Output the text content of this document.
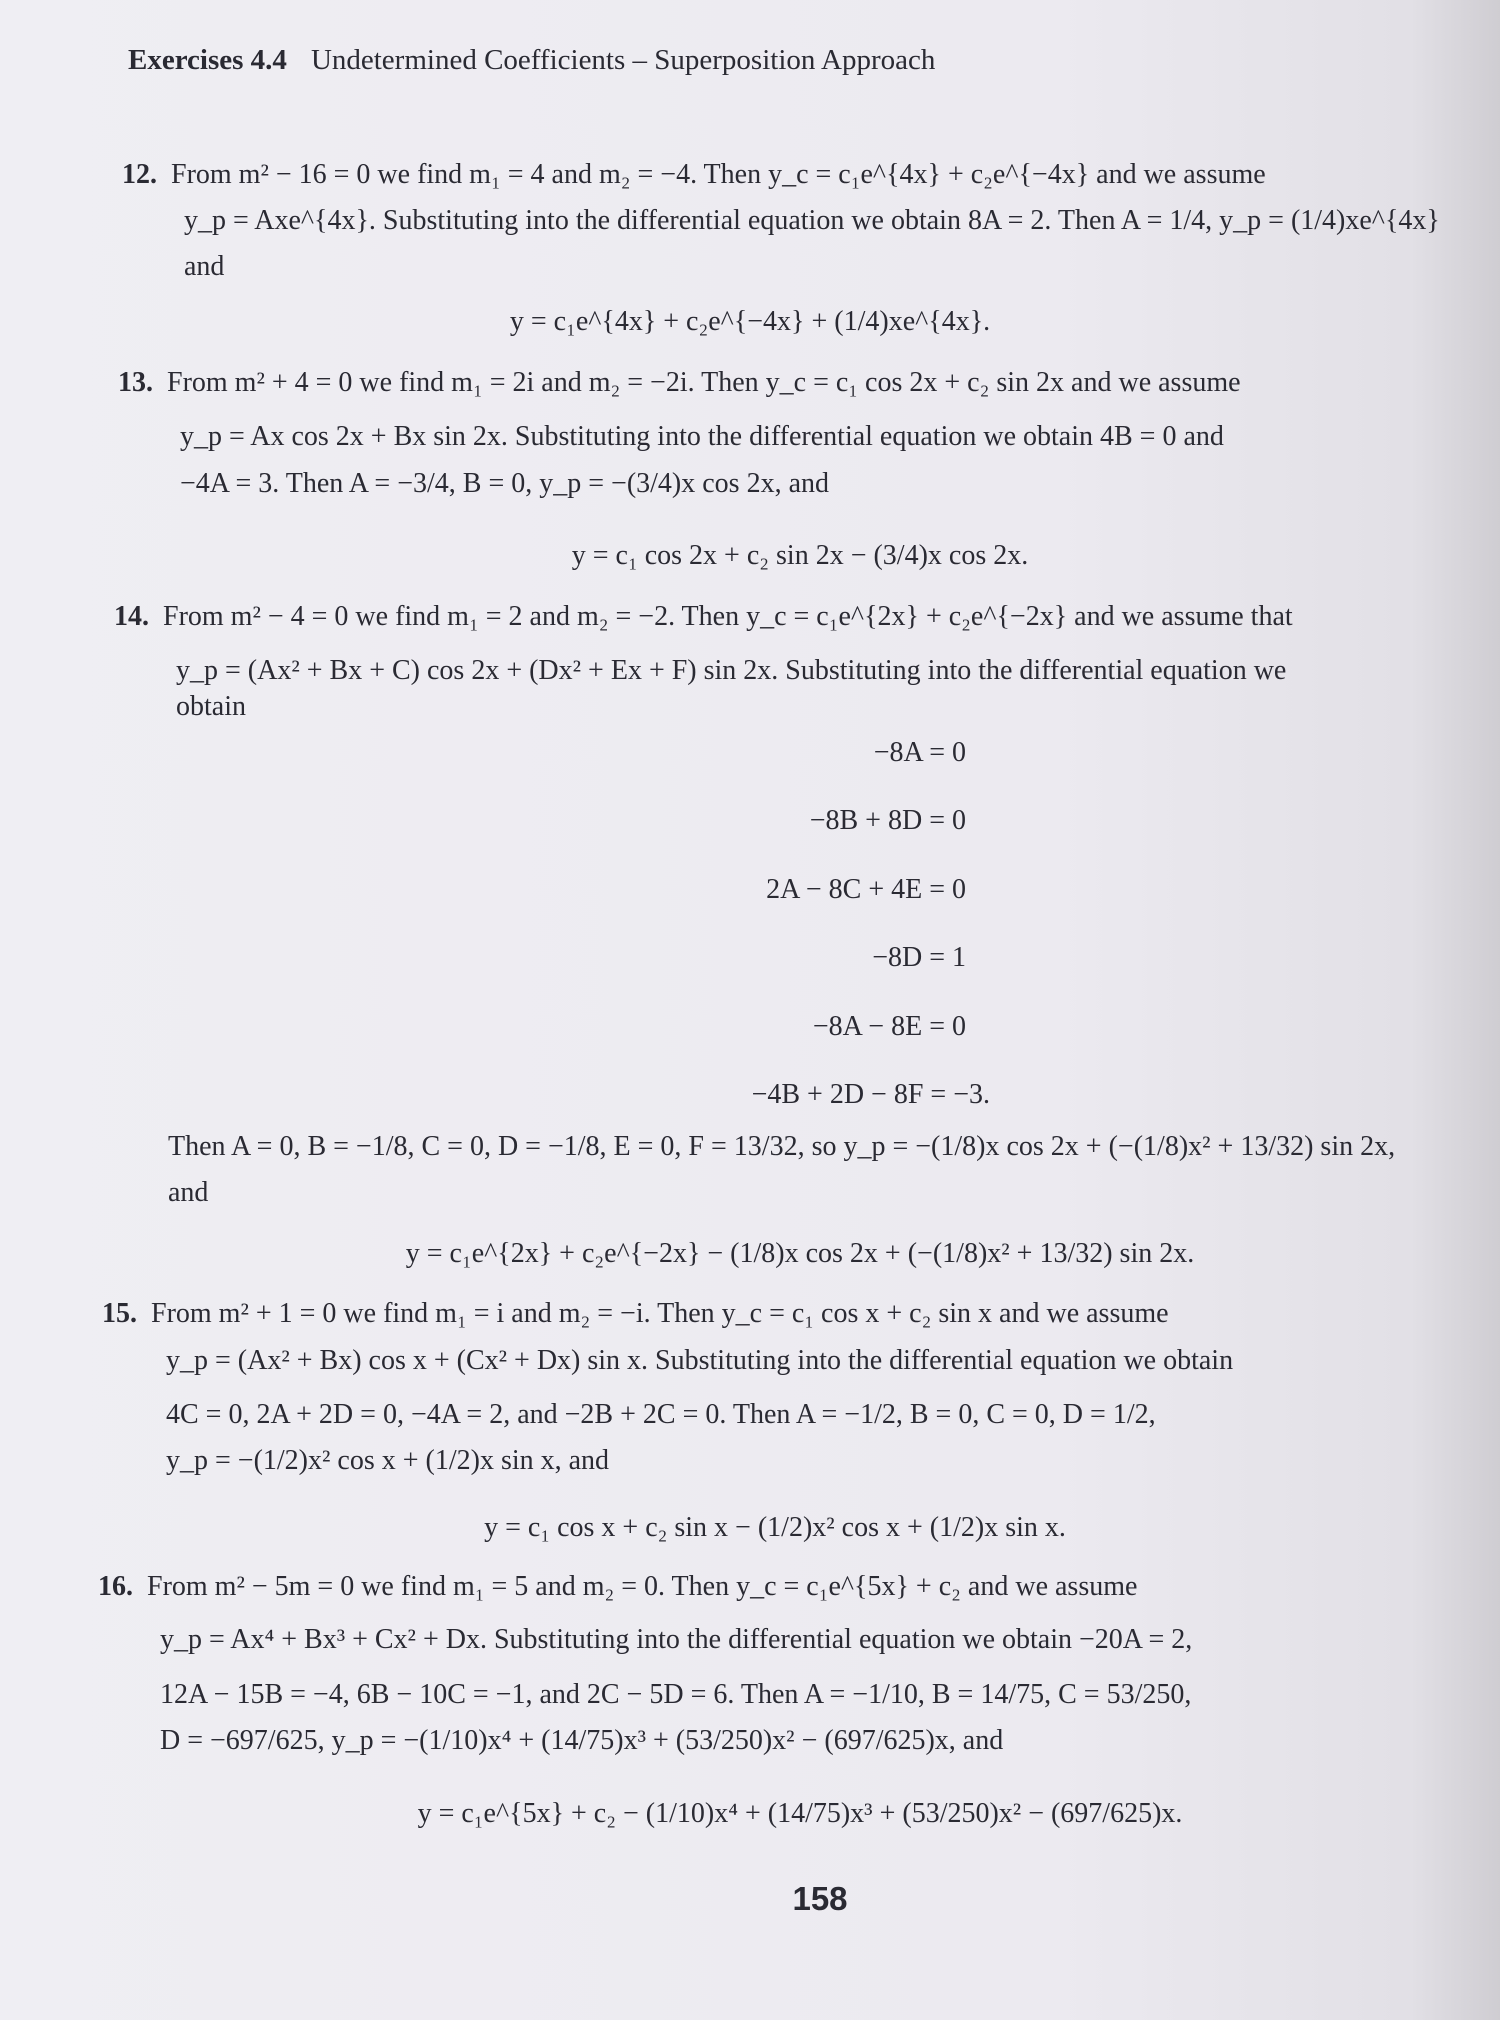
Exercises 4.4 Undetermined Coefficients – Superposition Approach
12. From m² − 16 = 0 we find m₁ = 4 and m₂ = −4. Then y_c = c₁e^{4x} + c₂e^{−4x} and we assume
y_p = Axe^{4x}. Substituting into the differential equation we obtain 8A = 2. Then A = 1/4, y_p = (1/4)xe^{4x}
and
y = c₁e^{4x} + c₂e^{−4x} + (1/4)xe^{4x}.
13. From m² + 4 = 0 we find m₁ = 2i and m₂ = −2i. Then y_c = c₁ cos 2x + c₂ sin 2x and we assume
y_p = Ax cos 2x + Bx sin 2x. Substituting into the differential equation we obtain 4B = 0 and
−4A = 3. Then A = −3/4, B = 0, y_p = −(3/4)x cos 2x, and
y = c₁ cos 2x + c₂ sin 2x − (3/4)x cos 2x.
14. From m² − 4 = 0 we find m₁ = 2 and m₂ = −2. Then y_c = c₁e^{2x} + c₂e^{−2x} and we assume that
y_p = (Ax² + Bx + C) cos 2x + (Dx² + Ex + F) sin 2x. Substituting into the differential equation we
obtain
−8A = 0
−8B + 8D = 0
2A − 8C + 4E = 0
−8D = 1
−8A − 8E = 0
−4B + 2D − 8F = −3.
Then A = 0, B = −1/8, C = 0, D = −1/8, E = 0, F = 13/32, so y_p = −(1/8)x cos 2x + (−(1/8)x² + 13/32) sin 2x,
and
y = c₁e^{2x} + c₂e^{−2x} − (1/8)x cos 2x + (−(1/8)x² + 13/32) sin 2x.
15. From m² + 1 = 0 we find m₁ = i and m₂ = −i. Then y_c = c₁ cos x + c₂ sin x and we assume
y_p = (Ax² + Bx) cos x + (Cx² + Dx) sin x. Substituting into the differential equation we obtain
4C = 0, 2A + 2D = 0, −4A = 2, and −2B + 2C = 0. Then A = −1/2, B = 0, C = 0, D = 1/2,
y_p = −(1/2)x² cos x + (1/2)x sin x, and
y = c₁ cos x + c₂ sin x − (1/2)x² cos x + (1/2)x sin x.
16. From m² − 5m = 0 we find m₁ = 5 and m₂ = 0. Then y_c = c₁e^{5x} + c₂ and we assume
y_p = Ax⁴ + Bx³ + Cx² + Dx. Substituting into the differential equation we obtain −20A = 2,
12A − 15B = −4, 6B − 10C = −1, and 2C − 5D = 6. Then A = −1/10, B = 14/75, C = 53/250,
D = −697/625, y_p = −(1/10)x⁴ + (14/75)x³ + (53/250)x² − (697/625)x, and
y = c₁e^{5x} + c₂ − (1/10)x⁴ + (14/75)x³ + (53/250)x² − (697/625)x.
158
